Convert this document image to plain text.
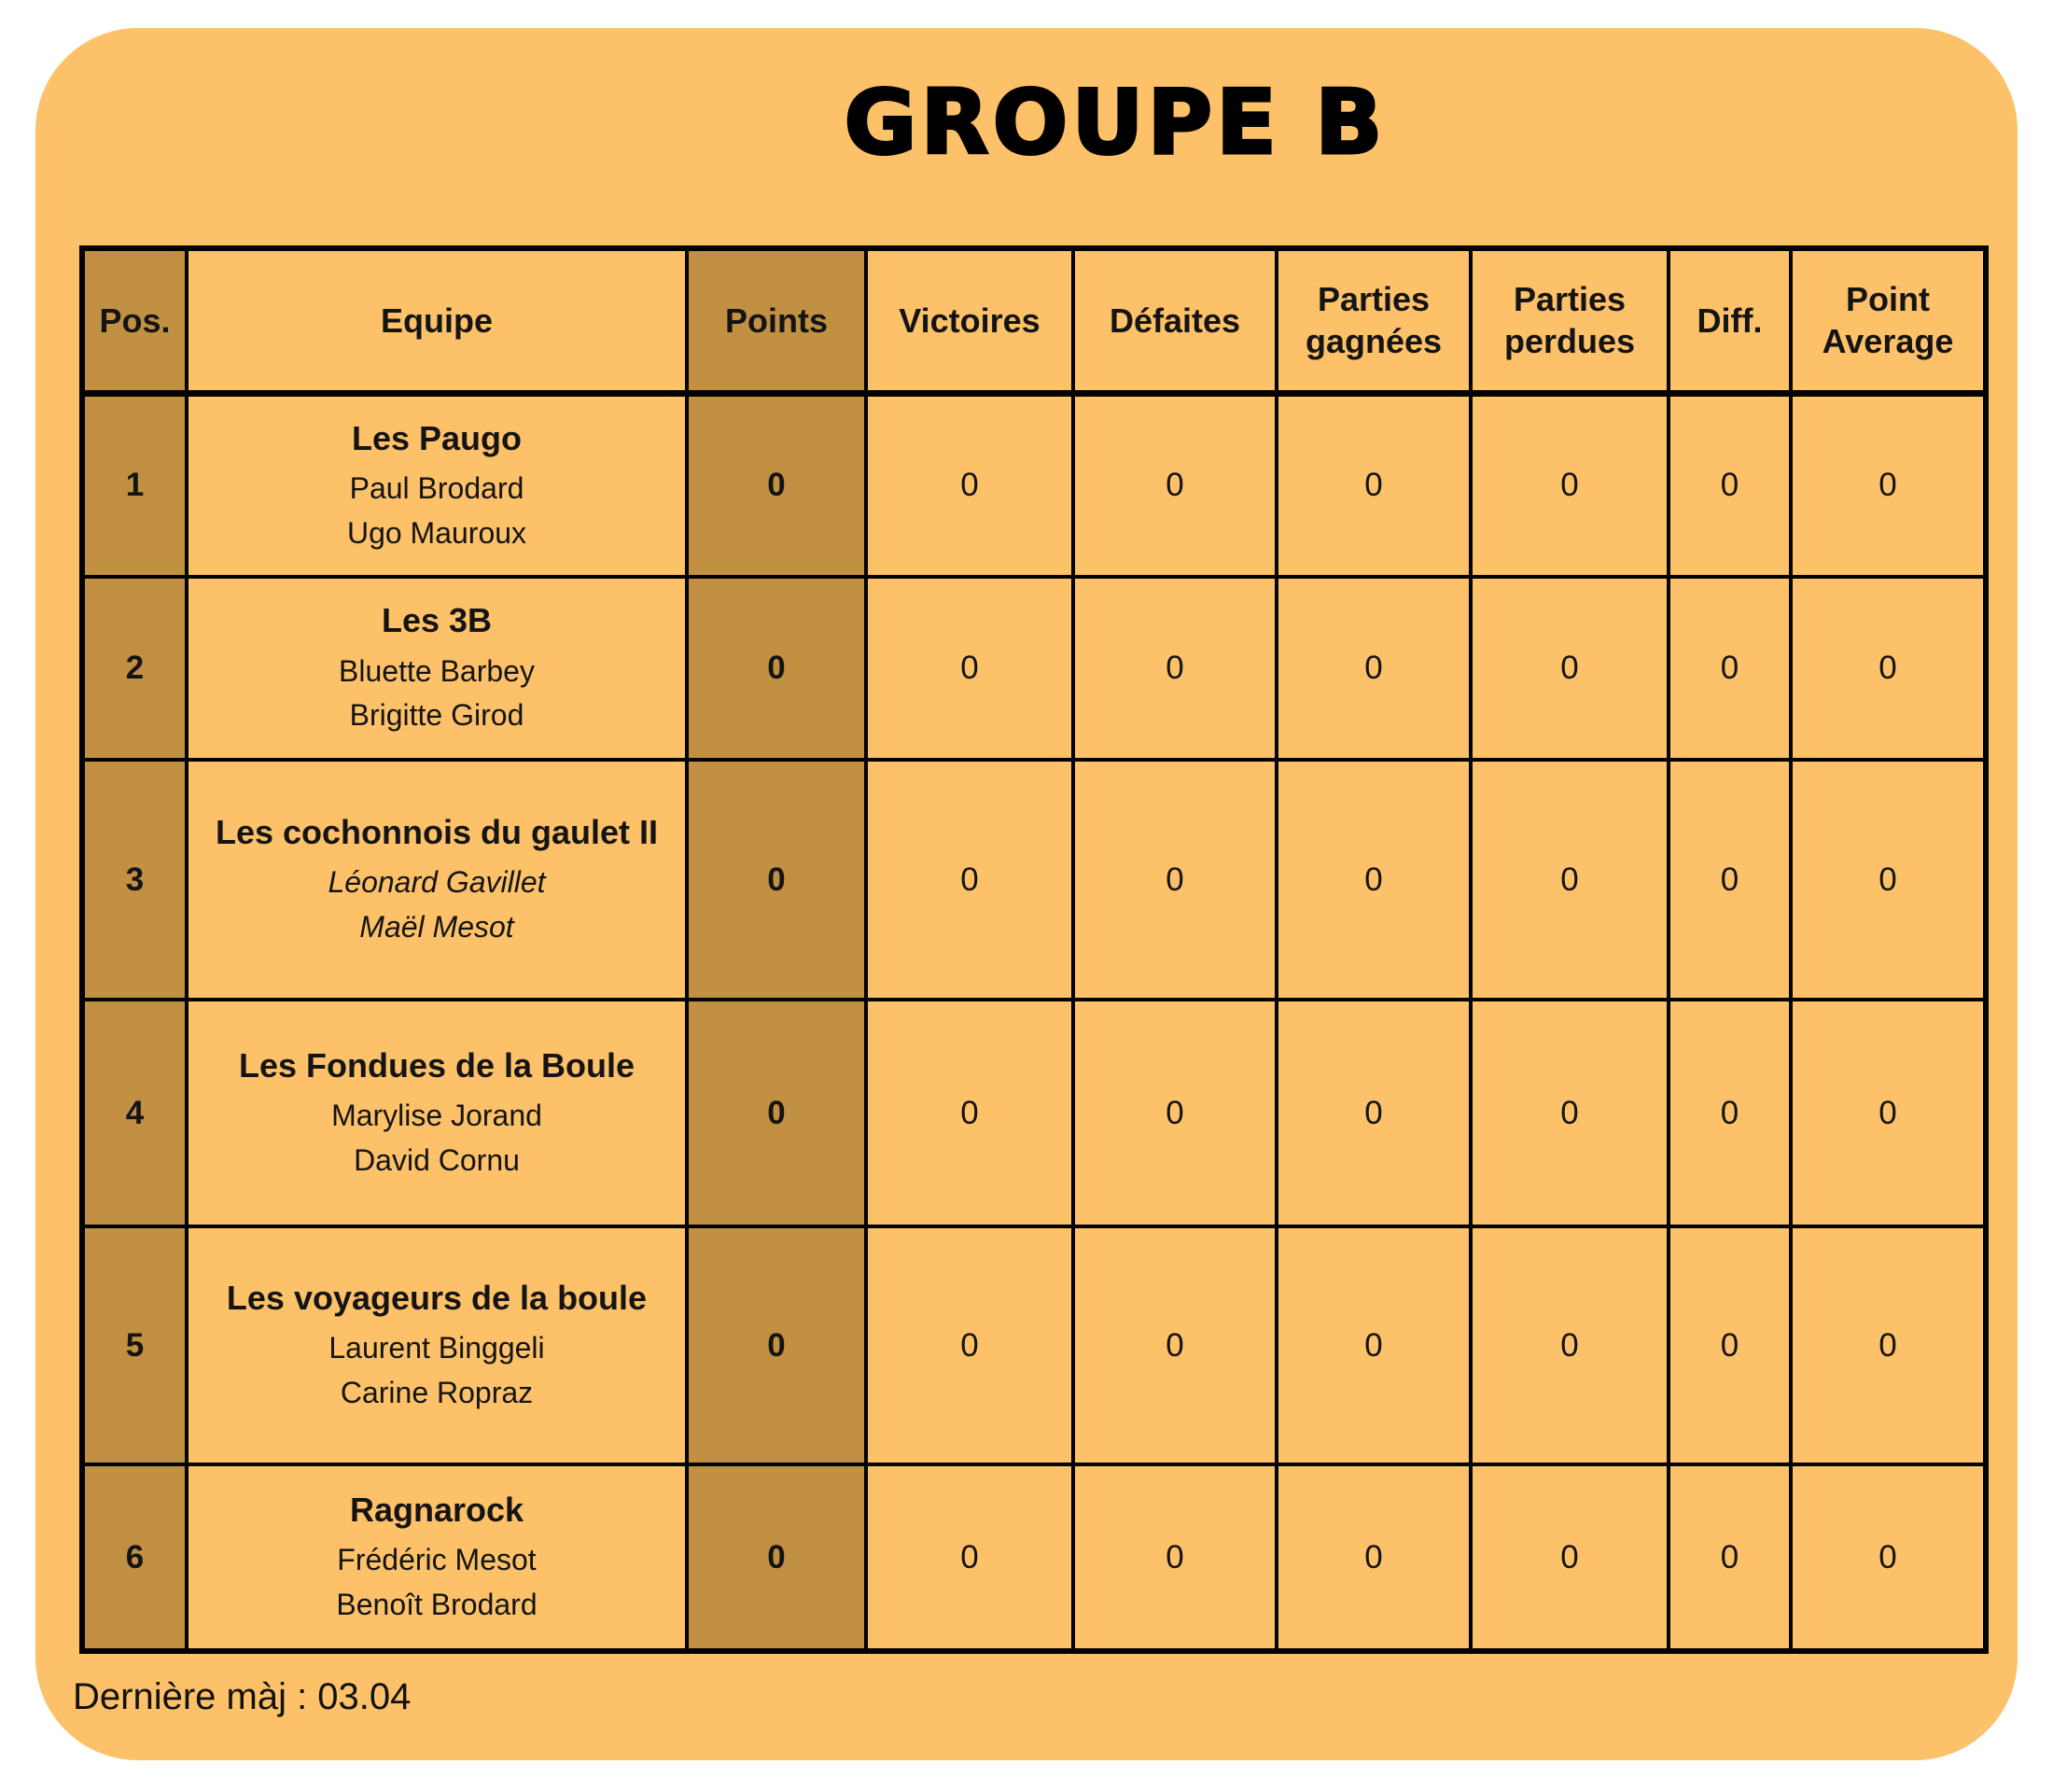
GROUPE B
Pos.	Equipe	Points	Victoires	Défaites	Parties gagnées	Parties perdues	Diff.	Point Average
1	Les Paugo
Paul Brodard
Ugo Mauroux	0	0	0	0	0	0	0
2	Les 3B
Bluette Barbey
Brigitte Girod	0	0	0	0	0	0	0
3	Les cochonnois du gaulet II
Léonard Gavillet
Maël Mesot	0	0	0	0	0	0	0
4	Les Fondues de la Boule
Marylise Jorand
David Cornu	0	0	0	0	0	0	0
5	Les voyageurs de la boule
Laurent Binggeli
Carine Ropraz	0	0	0	0	0	0	0
6	Ragnarock
Frédéric Mesot
Benoît Brodard	0	0	0	0	0	0	0
Dernière màj : 03.04
